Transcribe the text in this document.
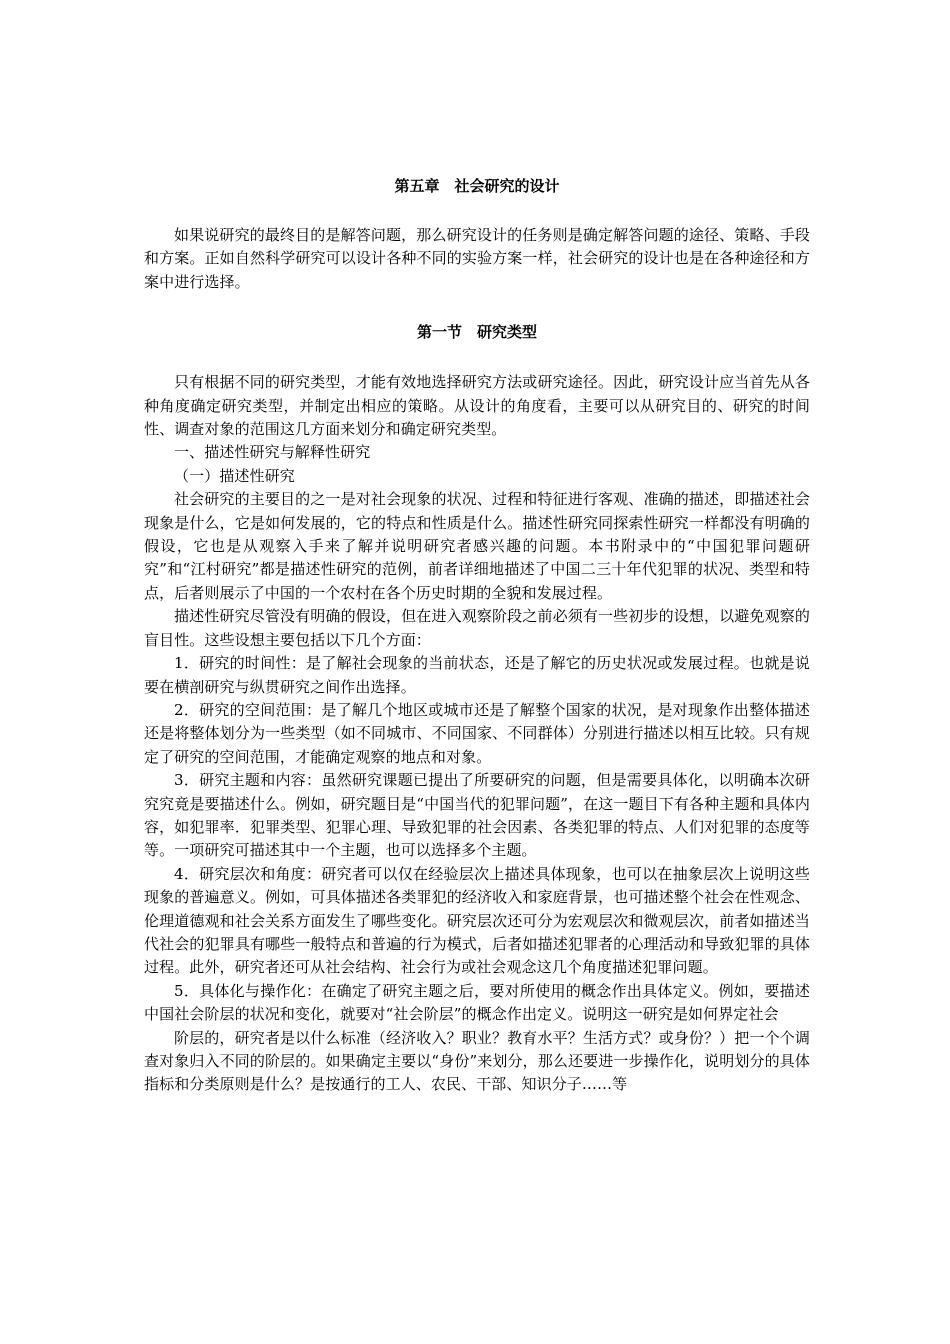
第五章　社会研究的设计

如果说研究的最终目的是解答问题，那么研究设计的任务则是确定解答问题的途径、策略、手段和方案。正如自然科学研究可以设计各种不同的实验方案一样，社会研究的设计也是在各种途径和方案中进行选择。

第一节　研究类型

只有根据不同的研究类型，才能有效地选择研究方法或研究途径。因此，研究设计应当首先从各种角度确定研究类型，并制定出相应的策略。从设计的角度看，主要可以从研究目的、研究的时间性、调查对象的范围这几方面来划分和确定研究类型。

一、描述性研究与解释性研究

（一）描述性研究

社会研究的主要目的之一是对社会现象的状况、过程和特征进行客观、准确的描述，即描述社会现象是什么，它是如何发展的，它的特点和性质是什么。描述性研究同探索性研究一样都没有明确的假设，它也是从观察入手来了解并说明研究者感兴趣的问题。本书附录中的“中国犯罪问题研究”和“江村研究”都是描述性研究的范例，前者详细地描述了中国二三十年代犯罪的状况、类型和特点，后者则展示了中国的一个农村在各个历史时期的全貌和发展过程。

描述性研究尽管没有明确的假设，但在进入观察阶段之前必须有一些初步的设想，以避免观察的盲目性。这些设想主要包括以下几个方面：

1．研究的时间性：是了解社会现象的当前状态，还是了解它的历史状况或发展过程。也就是说要在横剖研究与纵贯研究之间作出选择。

2．研究的空间范围：是了解几个地区或城市还是了解整个国家的状况，是对现象作出整体描述还是将整体划分为一些类型（如不同城市、不同国家、不同群体）分别进行描述以相互比较。只有规定了研究的空间范围，才能确定观察的地点和对象。

3．研究主题和内容：虽然研究课题已提出了所要研究的问题，但是需要具体化，以明确本次研究究竟是要描述什么。例如，研究题目是“中国当代的犯罪问题”，在这一题目下有各种主题和具体内容，如犯罪率．犯罪类型、犯罪心理、导致犯罪的社会因素、各类犯罪的特点、人们对犯罪的态度等等。一项研究可描述其中一个主题，也可以选择多个主题。

4．研究层次和角度：研究者可以仅在经验层次上描述具体现象，也可以在抽象层次上说明这些现象的普遍意义。例如，可具体描述各类罪犯的经济收入和家庭背景，也可描述整个社会在性观念、伦理道德观和社会关系方面发生了哪些变化。研究层次还可分为宏观层次和微观层次，前者如描述当代社会的犯罪具有哪些一般特点和普遍的行为模式，后者如描述犯罪者的心理活动和导致犯罪的具体过程。此外，研究者还可从社会结构、社会行为或社会观念这几个角度描述犯罪问题。

5．具体化与操作化：在确定了研究主题之后，要对所使用的概念作出具体定义。例如，要描述中国社会阶层的状况和变化，就要对“社会阶层”的概念作出定义。说明这一研究是如何界定社会

阶层的，研究者是以什么标准（经济收入？职业？教育水平？生活方式？或身份？）把一个个调查对象归入不同的阶层的。如果确定主要以“身份”来划分，那么还要进一步操作化，说明划分的具体指标和分类原则是什么？是按通行的工人、农民、干部、知识分子……等
